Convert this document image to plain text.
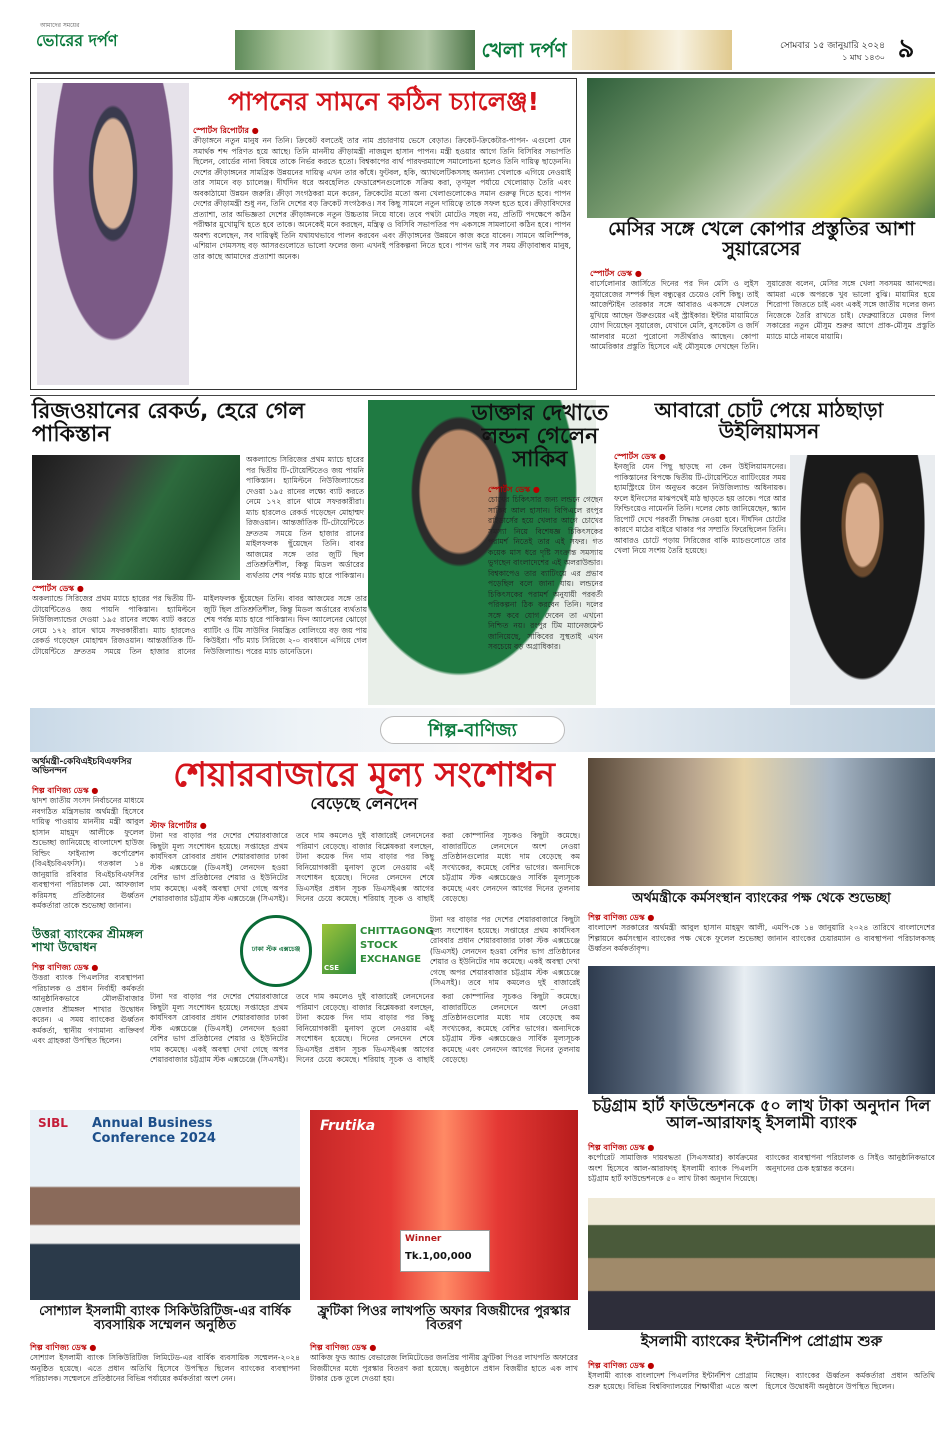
আমাদের সময়ের
ভোরের দর্পণ	খেলা দর্পণ	সোমবার ১৫ জানুয়ারি ২০২৪
১ মাঘ ১৪৩০ ৯
পাপনের সামনে কঠিন চ্যালেঞ্জ!
স্পোর্টস রিপোর্টার ●
ক্রীড়াঙ্গনে নতুন মানুষ নন তিনি। ক্রিকেট বলতেই তার নাম প্রচারণায় ভেসে বেড়াত। ক্রিকেট-ক্রিকেটার-পাপন- এগুলো যেন সমার্থক শব্দ পরিণত হয়ে আছে। তিনি মাননীয় ক্রীড়ামন্ত্রী নাজমুল হাসান পাপন। মন্ত্রী হওয়ার আগে তিনি বিসিবির সভাপতি ছিলেন, বোর্ডের নানা বিষয়ে তাকে নির্ভর করতে হতো। বিশ্বকাপের ব্যর্থ পারফরম্যান্সে সমালোচনা হলেও তিনি দায়িত্ব ছাড়েননি। দেশের ক্রীড়াঙ্গনের সামগ্রিক উন্নয়নের দায়িত্ব এখন তার কাঁধে। ফুটবল, হকি, অ্যাথলেটিকসসহ অন্যান্য খেলাকে এগিয়ে নেওয়াই তার সামনে বড় চ্যালেঞ্জ। দীর্ঘদিন ধরে অবহেলিত ফেডারেশনগুলোকে সক্রিয় করা, তৃণমূল পর্যায়ে খেলোয়াড় তৈরি এবং অবকাঠামো উন্নয়ন জরুরি। ক্রীড়া সংগঠকরা মনে করেন, ক্রিকেটের মতো অন্য খেলাগুলোকেও সমান গুরুত্ব দিতে হবে। পাপন দেশের ক্রীড়ামন্ত্রী শুধু নন, তিনি দেশের বড় ক্রিকেট সংগঠকও। সব কিছু সামলে নতুন দায়িত্বে তাকে সফল হতে হবে। ক্রীড়াবিদদের প্রত্যাশা, তার অভিজ্ঞতা দেশের ক্রীড়াঙ্গনকে নতুন উচ্চতায় নিয়ে যাবে। তবে পথটা মোটেও সহজ নয়, প্রতিটি পদক্ষেপে কঠিন পরীক্ষার মুখোমুখি হতে হবে তাকে। অনেকেই মনে করছেন, মন্ত্রিত্ব ও বিসিবি সভাপতির পদ একসঙ্গে সামলানো কঠিন হবে। পাপন অবশ্য বলেছেন, সব দায়িত্বই তিনি যথাযথভাবে পালন করবেন এবং ক্রীড়াঙ্গনের উন্নয়নে কাজ করে যাবেন। সামনে অলিম্পিক, এশিয়ান গেমসসহ বড় আসরগুলোতে ভালো ফলের জন্য এখনই পরিকল্পনা নিতে হবে। পাপন ভাই সব সময় ক্রীড়াবান্ধব মানুষ, তার কাছে আমাদের প্রত্যাশা অনেক।
মেসির সঙ্গে খেলে কোপার প্রস্তুতির আশা সুয়ারেসের
স্পোর্টস ডেস্ক ●
বার্সেলোনার জার্সিতে দিনের পর দিন মেসি ও লুইস সুয়ারেজের সম্পর্ক ছিল বন্ধুত্বের চেয়েও বেশি কিছু। তাই আর্জেন্টাইন তারকার সঙ্গে আবারও একসঙ্গে খেলতে মুখিয়ে আছেন উরুগুয়ের এই স্ট্রাইকার। ইন্টার মায়ামিতে যোগ দিয়েছেন সুয়ারেজ, যেখানে মেসি, বুসকেটস ও জর্দি আলবার মতো পুরোনো সতীর্থরাও আছেন। কোপা আমেরিকার প্রস্তুতি হিসেবে এই মৌসুমকে দেখছেন তিনি। সুয়ারেজ বলেন, মেসির সঙ্গে খেলা সবসময় আনন্দের। আমরা একে অপরকে খুব ভালো বুঝি। মায়ামির হয়ে শিরোপা জিততে চাই এবং একই সঙ্গে জাতীয় দলের জন্য নিজেকে তৈরি রাখতে চাই। ফেব্রুয়ারিতে মেজর লিগ সকারের নতুন মৌসুম শুরুর আগে প্রাক-মৌসুম প্রস্তুতি ম্যাচে মাঠে নামবে মায়ামি।
রিজওয়ানের রেকর্ড, হেরে গেল পাকিস্তান
অকল্যান্ডে সিরিজের প্রথম ম্যাচে হারের পর দ্বিতীয় টি-টোয়েন্টিতেও জয় পায়নি পাকিস্তান। হ্যামিল্টনে নিউজিল্যান্ডের দেওয়া ১৯৫ রানের লক্ষ্যে ব্যাট করতে নেমে ১৭২ রানে থামে সফরকারীরা। ম্যাচ হারলেও রেকর্ড গড়েছেন মোহাম্মদ রিজওয়ান। আন্তর্জাতিক টি-টোয়েন্টিতে দ্রুততম সময়ে তিন হাজার রানের মাইলফলক ছুঁয়েছেন তিনি। বাবর আজমের সঙ্গে তার জুটি ছিল প্রতিশ্রুতিশীল, কিন্তু মিডল অর্ডারের ব্যর্থতায় শেষ পর্যন্ত ম্যাচ হারে পাকিস্তান।
স্পোর্টস ডেস্ক ●
অকল্যান্ডে সিরিজের প্রথম ম্যাচে হারের পর দ্বিতীয় টি-টোয়েন্টিতেও জয় পায়নি পাকিস্তান। হ্যামিল্টনে নিউজিল্যান্ডের দেওয়া ১৯৫ রানের লক্ষ্যে ব্যাট করতে নেমে ১৭২ রানে থামে সফরকারীরা। ম্যাচ হারলেও রেকর্ড গড়েছেন মোহাম্মদ রিজওয়ান। আন্তর্জাতিক টি-টোয়েন্টিতে দ্রুততম সময়ে তিন হাজার রানের মাইলফলক ছুঁয়েছেন তিনি। বাবর আজমের সঙ্গে তার জুটি ছিল প্রতিশ্রুতিশীল, কিন্তু মিডল অর্ডারের ব্যর্থতায় শেষ পর্যন্ত ম্যাচ হারে পাকিস্তান। ফিন অ্যালেনের ঝোড়ো ব্যাটিং ও টিম সাউদির নিয়ন্ত্রিত বোলিংয়ে বড় জয় পায় কিউইরা। পাঁচ ম্যাচ সিরিজে ২-০ ব্যবধানে এগিয়ে গেল নিউজিল্যান্ড। পরের ম্যাচ ডানেডিনে।
ডাক্তার দেখাতে লন্ডন গেলেন সাকিব
স্পোর্টস ডেস্ক ●
চোখের চিকিৎসার জন্য লন্ডনে গেছেন সাকিব আল হাসান। বিপিএলে রংপুর রাইডার্সের হয়ে খেলার আগে চোখের সমস্যা নিয়ে বিশেষজ্ঞ চিকিৎসকের পরামর্শ নিতেই তার এই সফর। গত কয়েক মাস ধরে দৃষ্টি সংক্রান্ত সমস্যায় ভুগছেন বাংলাদেশের এই অলরাউন্ডার। বিশ্বকাপেও তার ব্যাটিংয়ে এর প্রভাব পড়েছিল বলে জানা যায়। লন্ডনের চিকিৎসকের পরামর্শ অনুযায়ী পরবর্তী পরিকল্পনা ঠিক করবেন তিনি। দলের সঙ্গে কবে যোগ দেবেন তা এখনো নিশ্চিত নয়। রংপুর টিম ম্যানেজমেন্ট জানিয়েছে, সাকিবের সুস্থতাই এখন সবচেয়ে বড় অগ্রাধিকার।
আবারো চোট পেয়ে মাঠছাড়া উইলিয়ামসন
স্পোর্টস ডেস্ক ●
ইনজুরি যেন পিছু ছাড়ছে না কেন উইলিয়ামসনের। পাকিস্তানের বিপক্ষে দ্বিতীয় টি-টোয়েন্টিতে ব্যাটিংয়ের সময় হ্যামস্ট্রিংয়ে টান অনুভব করেন নিউজিল্যান্ড অধিনায়ক। ফলে ইনিংসের মাঝপথেই মাঠ ছাড়তে হয় তাকে। পরে আর ফিল্ডিংয়েও নামেননি তিনি। দলের কোচ জানিয়েছেন, স্ক্যান রিপোর্ট দেখে পরবর্তী সিদ্ধান্ত নেওয়া হবে। দীর্ঘদিন চোটের কারণে মাঠের বাইরে থাকার পর সম্প্রতি ফিরেছিলেন তিনি। আবারও চোটে পড়ায় সিরিজের বাকি ম্যাচগুলোতে তার খেলা নিয়ে সংশয় তৈরি হয়েছে।
শিল্প-বাণিজ্য
অর্থমন্ত্রী-কেবিএইচবিএফসির অভিনন্দন
শিল্প বাণিজ্য ডেস্ক ●
দ্বাদশ জাতীয় সংসদ নির্বাচনের মাধ্যমে নবগঠিত মন্ত্রিসভায় অর্থমন্ত্রী হিসেবে দায়িত্ব পাওয়ায় মাননীয় মন্ত্রী আবুল হাসান মাহমুদ আলীকে ফুলেল শুভেচ্ছা জানিয়েছে বাংলাদেশ হাউজ বিল্ডিং ফাইন্যান্স কর্পোরেশন (বিএইচবিএফসি)। গতকাল ১৪ জানুয়ারি রবিবার বিএইচবিএফসির ব্যবস্থাপনা পরিচালক মো. আফজাল করিমসহ প্রতিষ্ঠানের ঊর্ধ্বতন কর্মকর্তারা তাকে শুভেচ্ছা জানান।
উত্তরা ব্যাংকের শ্রীমঙ্গল শাখা উদ্বোধন
শিল্প বাণিজ্য ডেস্ক ●
উত্তরা ব্যাংক পিএলসির ব্যবস্থাপনা পরিচালক ও প্রধান নির্বাহী কর্মকর্তা আনুষ্ঠানিকভাবে মৌলভীবাজার জেলার শ্রীমঙ্গল শাখার উদ্বোধন করেন। এ সময় ব্যাংকের ঊর্ধ্বতন কর্মকর্তা, স্থানীয় গণ্যমান্য ব্যক্তিবর্গ এবং গ্রাহকরা উপস্থিত ছিলেন।
শেয়ারবাজারে মূল্য সংশোধন
বেড়েছে লেনদেন
স্টাফ রিপোর্টার ●
টানা দর বাড়ার পর দেশের শেয়ারবাজারে কিছুটা মূল্য সংশোধন হয়েছে। সপ্তাহের প্রথম কার্যদিবস রোববার প্রধান শেয়ারবাজার ঢাকা স্টক এক্সচেঞ্জে (ডিএসই) লেনদেন হওয়া বেশির ভাগ প্রতিষ্ঠানের শেয়ার ও ইউনিটের দাম কমেছে। একই অবস্থা দেখা গেছে অপর শেয়ারবাজার চট্টগ্রাম স্টক এক্সচেঞ্জে (সিএসই)। তবে দাম কমলেও দুই বাজারেই লেনদেনের পরিমাণ বেড়েছে। বাজার বিশ্লেষকরা বলছেন, টানা কয়েক দিন দাম বাড়ার পর কিছু বিনিয়োগকারী মুনাফা তুলে নেওয়ায় এই সংশোধন হয়েছে। দিনের লেনদেন শেষে ডিএসইর প্রধান সূচক ডিএসইএক্স আগের দিনের চেয়ে কমেছে। শরিয়াহ সূচক ও বাছাই করা কোম্পানির সূচকও কিছুটা কমেছে। বাজারটিতে লেনদেনে অংশ নেওয়া প্রতিষ্ঠানগুলোর মধ্যে দাম বেড়েছে কম সংখ্যকের, কমেছে বেশির ভাগের। অন্যদিকে চট্টগ্রাম স্টক এক্সচেঞ্জেও সার্বিক মূল্যসূচক কমেছে এবং লেনদেন আগের দিনের তুলনায় বেড়েছে।
ঢাকা স্টক এক্সচেঞ্জ
CSE
CHITTAGONG
STOCK
EXCHANGE
টানা দর বাড়ার পর দেশের শেয়ারবাজারে কিছুটা মূল্য সংশোধন হয়েছে। সপ্তাহের প্রথম কার্যদিবস রোববার প্রধান শেয়ারবাজার ঢাকা স্টক এক্সচেঞ্জে (ডিএসই) লেনদেন হওয়া বেশির ভাগ প্রতিষ্ঠানের শেয়ার ও ইউনিটের দাম কমেছে। একই অবস্থা দেখা গেছে অপর শেয়ারবাজার চট্টগ্রাম স্টক এক্সচেঞ্জে (সিএসই)। তবে দাম কমলেও দুই বাজারেই
টানা দর বাড়ার পর দেশের শেয়ারবাজারে কিছুটা মূল্য সংশোধন হয়েছে। সপ্তাহের প্রথম কার্যদিবস রোববার প্রধান শেয়ারবাজার ঢাকা স্টক এক্সচেঞ্জে (ডিএসই) লেনদেন হওয়া বেশির ভাগ প্রতিষ্ঠানের শেয়ার ও ইউনিটের দাম কমেছে। একই অবস্থা দেখা গেছে অপর শেয়ারবাজার চট্টগ্রাম স্টক এক্সচেঞ্জে (সিএসই)। তবে দাম কমলেও দুই বাজারেই লেনদেনের পরিমাণ বেড়েছে। বাজার বিশ্লেষকরা বলছেন, টানা কয়েক দিন দাম বাড়ার পর কিছু বিনিয়োগকারী মুনাফা তুলে নেওয়ায় এই সংশোধন হয়েছে। দিনের লেনদেন শেষে ডিএসইর প্রধান সূচক ডিএসইএক্স আগের দিনের চেয়ে কমেছে। শরিয়াহ সূচক ও বাছাই করা কোম্পানির সূচকও কিছুটা কমেছে। বাজারটিতে লেনদেনে অংশ নেওয়া প্রতিষ্ঠানগুলোর মধ্যে দাম বেড়েছে কম সংখ্যকের, কমেছে বেশির ভাগের। অন্যদিকে চট্টগ্রাম স্টক এক্সচেঞ্জেও সার্বিক মূল্যসূচক কমেছে এবং লেনদেন আগের দিনের তুলনায় বেড়েছে।
অর্থমন্ত্রীকে কর্মসংস্থান ব্যাংকের পক্ষ থেকে শুভেচ্ছা
শিল্প বাণিজ্য ডেস্ক ●
বাংলাদেশ সরকারের অর্থমন্ত্রী আবুল হাসান মাহমুদ আলী, এমপি-কে ১৪ জানুয়ারি ২০২৪ তারিখে বাংলাদেশের শিল্পায়নে কর্মসংস্থান ব্যাংকের পক্ষ থেকে ফুলেল শুভেচ্ছা জানান ব্যাংকের চেয়ারম্যান ও ব্যবস্থাপনা পরিচালকসহ ঊর্ধ্বতন কর্মকর্তাবৃন্দ।
চট্টগ্রাম হার্ট ফাউন্ডেশনকে ৫০ লাখ টাকা অনুদান দিল আল-আরাফাহ্ ইসলামী ব্যাংক
শিল্প বাণিজ্য ডেস্ক ●
কর্পোরেট সামাজিক দায়বদ্ধতা (সিএসআর) কার্যক্রমের অংশ হিসেবে আল-আরাফাহ্ ইসলামী ব্যাংক পিএলসি চট্টগ্রাম হার্ট ফাউন্ডেশনকে ৫০ লাখ টাকা অনুদান দিয়েছে। ব্যাংকের ব্যবস্থাপনা পরিচালক ও সিইও আনুষ্ঠানিকভাবে অনুদানের চেক হস্তান্তর করেন।
SIBL Annual Business Conference 2024
সোশ্যাল ইসলামী ব্যাংক সিকিউরিটিজ-এর বার্ষিক ব্যবসায়িক সম্মেলন অনুষ্ঠিত
শিল্প বাণিজ্য ডেস্ক ●
সোশ্যাল ইসলামী ব্যাংক সিকিউরিটিজ লিমিটেড-এর বার্ষিক ব্যবসায়িক সম্মেলন-২০২৪ অনুষ্ঠিত হয়েছে। এতে প্রধান অতিথি হিসেবে উপস্থিত ছিলেন ব্যাংকের ব্যবস্থাপনা পরিচালক। সম্মেলনে প্রতিষ্ঠানের বিভিন্ন পর্যায়ের কর্মকর্তারা অংশ নেন।
Frutika
Winner
Tk.1,00,000
ফ্রুটিকা পিওর লাখপতি অফার বিজয়ীদের পুরস্কার বিতরণ
শিল্প বাণিজ্য ডেস্ক ●
আকিজ ফুড অ্যান্ড বেভারেজ লিমিটেডের জনপ্রিয় পানীয় ফ্রুটিকা পিওর লাখপতি অফারের বিজয়ীদের মধ্যে পুরস্কার বিতরণ করা হয়েছে। অনুষ্ঠানে প্রধান বিজয়ীর হাতে এক লাখ টাকার চেক তুলে দেওয়া হয়।
ইসলামী ব্যাংকের ইন্টার্নশিপ প্রোগ্রাম শুরু
শিল্প বাণিজ্য ডেস্ক ●
ইসলামী ব্যাংক বাংলাদেশ পিএলসির ইন্টার্নশিপ প্রোগ্রাম শুরু হয়েছে। বিভিন্ন বিশ্ববিদ্যালয়ের শিক্ষার্থীরা এতে অংশ নিচ্ছেন। ব্যাংকের ঊর্ধ্বতন কর্মকর্তারা প্রধান অতিথি হিসেবে উদ্বোধনী অনুষ্ঠানে উপস্থিত ছিলেন।
